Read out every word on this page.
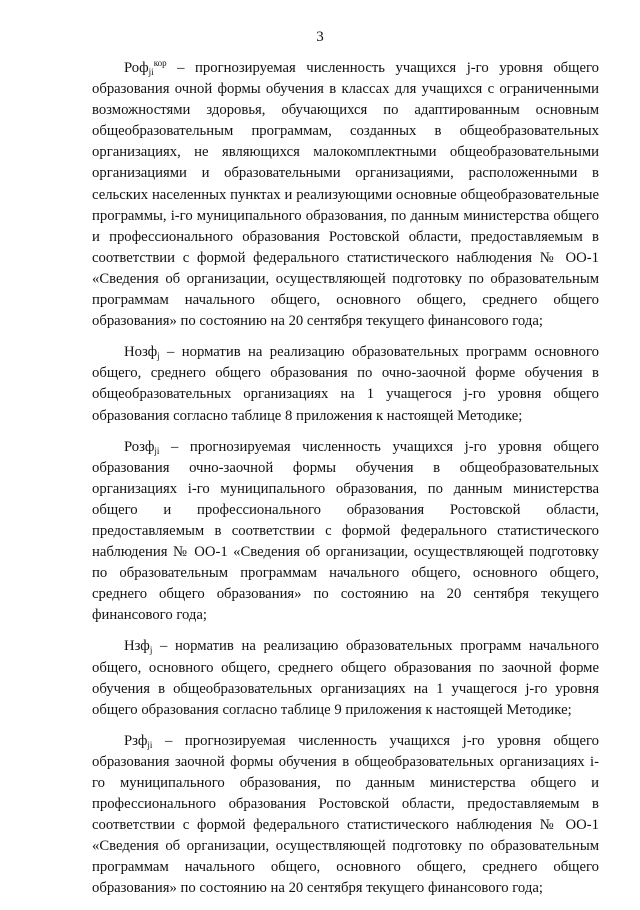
3

Роф$_{ji}^{кор}$ – прогнозируемая численность учащихся j-го уровня общего образования очной формы обучения в классах для учащихся с ограниченными возможностями здоровья, обучающихся по адаптированным основным общеобразовательным программам, созданных в общеобразовательных организациях, не являющихся малокомплектными общеобразовательными организациями и образовательными организациями, расположенными в сельских населенных пунктах и реализующими основные общеобразовательные программы, i-го муниципального образования, по данным министерства общего и профессионального образования Ростовской области, предоставляемым в соответствии с формой федерального статистического наблюдения № ОО-1 «Сведения об организации, осуществляющей подготовку по образовательным программам начального общего, основного общего, среднего общего образования» по состоянию на 20 сентября текущего финансового года;

Нозф$_j$ – норматив на реализацию образовательных программ основного общего, среднего общего образования по очно-заочной форме обучения в общеобразовательных организациях на 1 учащегося j-го уровня общего образования согласно таблице 8 приложения к настоящей Методике;

Розф$_{ji}$ – прогнозируемая численность учащихся j-го уровня общего образования очно-заочной формы обучения в общеобразовательных организациях i-го муниципального образования, по данным министерства общего и профессионального образования Ростовской области, предоставляемым в соответствии с формой федерального статистического наблюдения № ОО-1 «Сведения об организации, осуществляющей подготовку по образовательным программам начального общего, основного общего, среднего общего образования» по состоянию на 20 сентября текущего финансового года;

Нзф$_j$ – норматив на реализацию образовательных программ начального общего, основного общего, среднего общего образования по заочной форме обучения в общеобразовательных организациях на 1 учащегося j-го уровня общего образования согласно таблице 9 приложения к настоящей Методике;

Рзф$_{ji}$ – прогнозируемая численность учащихся j-го уровня общего образования заочной формы обучения в общеобразовательных организациях i-го муниципального образования, по данным министерства общего и профессионального образования Ростовской области, предоставляемым в соответствии с формой федерального статистического наблюдения № ОО-1 «Сведения об организации, осуществляющей подготовку по образовательным программам начального общего, основного общего, среднего общего образования» по состоянию на 20 сентября текущего финансового года;
